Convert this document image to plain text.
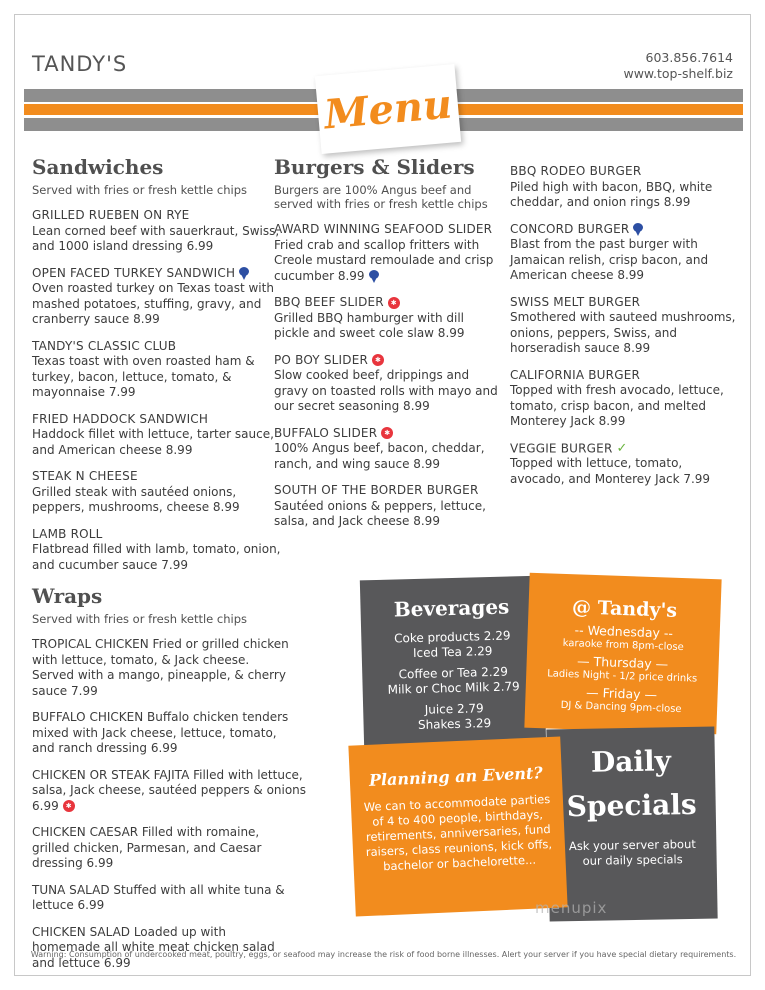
TANDY'S	603.856.7614
www.top-shelf.biz
Menu
Sandwiches
Served with fries or fresh kettle chips
GRILLED RUEBEN ON RYE
Lean corned beef with sauerkraut, Swiss, and 1000 island dressing 6.99
OPEN FACED TURKEY SANDWICH
Oven roasted turkey on Texas toast with mashed potatoes, stuffing, gravy, and cranberry sauce 8.99
TANDY'S CLASSIC CLUB
Texas toast with oven roasted ham & turkey, bacon, lettuce, tomato, & mayonnaise 7.99
FRIED HADDOCK SANDWICH
Haddock fillet with lettuce, tarter sauce, and American cheese 8.99
STEAK N CHEESE
Grilled steak with sautéed onions, peppers, mushrooms, cheese 8.99
LAMB ROLL
Flatbread filled with lamb, tomato, onion, and cucumber sauce 7.99
Wraps
Served with fries or fresh kettle chips
TROPICAL CHICKEN Fried or grilled chicken with lettuce, tomato, & Jack cheese. Served with a mango, pineapple, & cherry sauce 7.99
BUFFALO CHICKEN Buffalo chicken tenders mixed with Jack cheese, lettuce, tomato, and ranch dressing 6.99
CHICKEN OR STEAK FAJITA Filled with lettuce, salsa, Jack cheese, sautéed peppers & onions 6.99 ✱
CHICKEN CAESAR Filled with romaine, grilled chicken, Parmesan, and Caesar dressing 6.99
TUNA SALAD Stuffed with all white tuna & lettuce 6.99
CHICKEN SALAD Loaded up with homemade all white meat chicken salad and lettuce 6.99
Burgers & Sliders
Burgers are 100% Angus beef and served with fries or fresh kettle chips
AWARD WINNING SEAFOOD SLIDER
Fried crab and scallop fritters with Creole mustard remoulade and crisp cucumber 8.99
BBQ BEEF SLIDER ✱
Grilled BBQ hamburger with dill pickle and sweet cole slaw 8.99
PO BOY SLIDER ✱
Slow cooked beef, drippings and gravy on toasted rolls with mayo and our secret seasoning 8.99
BUFFALO SLIDER ✱
100% Angus beef, bacon, cheddar, ranch, and wing sauce 8.99
SOUTH OF THE BORDER BURGER
Sautéed onions & peppers, lettuce, salsa, and Jack cheese 8.99
BBQ RODEO BURGER
Piled high with bacon, BBQ, white cheddar, and onion rings 8.99
CONCORD BURGER
Blast from the past burger with Jamaican relish, crisp bacon, and American cheese 8.99
SWISS MELT BURGER
Smothered with sauteed mushrooms, onions, peppers, Swiss, and horseradish sauce 8.99
CALIFORNIA BURGER
Topped with fresh avocado, lettuce, tomato, crisp bacon, and melted Monterey Jack 8.99
VEGGIE BURGER ✓
Topped with lettuce, tomato, avocado, and Monterey Jack 7.99
Beverages
Coke products 2.29
Iced Tea 2.29
Coffee or Tea 2.29
Milk or Choc Milk 2.79
Juice 2.79
Shakes 3.29
@ Tandy's
-- Wednesday --
karaoke from 8pm-close
— Thursday —
Ladies Night - 1/2 price drinks
— Friday —
DJ & Dancing 9pm-close
Daily
Specials
Ask your server about our daily specials
Planning an Event?
We can to accommodate parties of 4 to 400 people, birthdays, retirements, anniversaries, fund raisers, class reunions, kick offs, bachelor or bachelorette...
menupix
Warning: Consumption of undercooked meat, poultry, eggs, or seafood may increase the risk of food borne illnesses. Alert your server if you have special dietary requirements.
